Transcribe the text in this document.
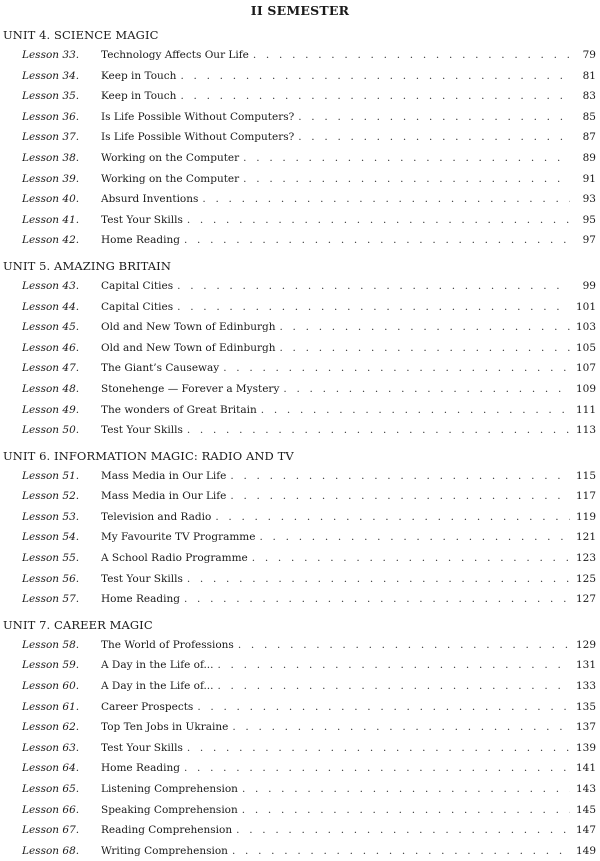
II SEMESTER
UNIT 4. SCIENCE MAGIC
Lesson 33.	Technology Affects Our Life . . .	79
Lesson 34.	Keep in Touch . . .	81
Lesson 35.	Keep in Touch . . .	83
Lesson 36.	Is Life Possible Without Computers? . . .	85
Lesson 37.	Is Life Possible Without Computers? . . .	87
Lesson 38.	Working on the Computer . . .	89
Lesson 39.	Working on the Computer . . .	91
Lesson 40.	Absurd Inventions . . .	93
Lesson 41.	Test Your Skills . . .	95
Lesson 42.	Home Reading . . .	97
UNIT 5. AMAZING BRITAIN
Lesson 43.	Capital Cities . . .	99
Lesson 44.	Capital Cities . . .	101
Lesson 45.	Old and New Town of Edinburgh . . .	103
Lesson 46.	Old and New Town of Edinburgh . . .	105
Lesson 47.	The Giant’s Causeway . . .	107
Lesson 48.	Stonehenge — Forever a Mystery . . .	109
Lesson 49.	The wonders of Great Britain . . .	111
Lesson 50.	Test Your Skills . . .	113
UNIT 6. INFORMATION MAGIC: RADIO AND TV
Lesson 51.	Mass Media in Our Life . . .	115
Lesson 52.	Mass Media in Our Life . . .	117
Lesson 53.	Television and Radio . . .	119
Lesson 54.	My Favourite TV Programme . . .	121
Lesson 55.	A School Radio Programme . . .	123
Lesson 56.	Test Your Skills . . .	125
Lesson 57.	Home Reading . . .	127
UNIT 7. CAREER MAGIC
Lesson 58.	The World of Professions . . .	129
Lesson 59.	A Day in the Life of... . . .	131
Lesson 60.	A Day in the Life of... . . .	133
Lesson 61.	Career Prospects . . .	135
Lesson 62.	Top Ten Jobs in Ukraine . . .	137
Lesson 63.	Test Your Skills . . .	139
Lesson 64.	Home Reading . . .	141
Lesson 65.	Listening Comprehension . . .	143
Lesson 66.	Speaking Comprehension . . .	145
Lesson 67.	Reading Comprehension . . .	147
Lesson 68.	Writing Comprehension . . .	149
